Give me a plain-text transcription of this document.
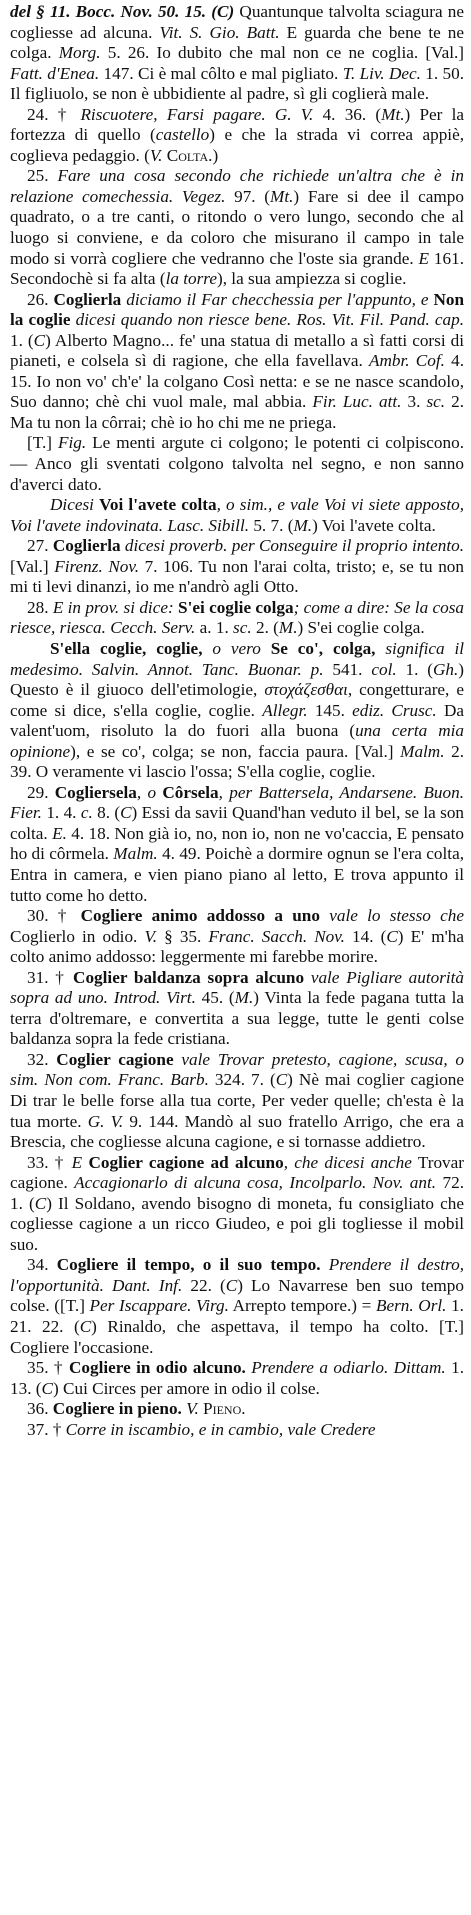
del § 11. Bocc. Nov. 50. 15. (C) Quantunque talvolta sciagura ne cogliesse ad alcuna. Vit. S. Gio. Batt. E guarda che bene te ne colga. Morg. 5. 26. Io dubito che mal non ce ne coglia. [Val.] Fatt. d'Enea. 147. Ci è mal côlto e mal pigliato. T. Liv. Dec. 1. 50. Il figliuolo, se non è ubbidiente al padre, sì gli coglierà male.

24. † Riscuotere, Farsi pagare. G. V. 4. 36. (Mt.) Per la fortezza di quello (castello) e che la strada vi correa appiè, coglieva pedaggio. (V. Colta.)

25. Fare una cosa secondo che richiede un'altra che è in relazione comechessia. Vegez. 97. (Mt.) Fare si dee il campo quadrato, o a tre canti, o ritondo o vero lungo, secondo che al luogo si conviene, e da coloro che misurano il campo in tale modo si vorrà cogliere che vedranno che l'oste sia grande. E 161. Secondochè si fa alta (la torre), la sua ampiezza si coglie.

26. Coglierla diciamo il Far checchessia per l'appunto, e Non la coglie dicesi quando non riesce bene. Ros. Vit. Fil. Pand. cap. 1. (C) Alberto Magno... fe' una statua di metallo a sì fatti corsi di pianeti, e colsela sì di ragione, che ella favellava. Ambr. Cof. 4. 15. Io non vo' ch'e' la colgano Così netta: e se ne nasce scandolo, Suo danno; chè chi vuol male, mal abbia. Fir. Luc. att. 3. sc. 2. Ma tu non la côrrai; chè io ho chi me ne priega.

[T.] Fig. Le menti argute ci colgono; le potenti ci colpiscono. — Anco gli sventati colgono talvolta nel segno, e non sanno d'averci dato.

Dicesi Voi l'avete colta, o sim., e vale Voi vi siete apposto, Voi l'avete indovinata. Lasc. Sibill. 5. 7. (M.) Voi l'avete colta.

27. Coglierla dicesi proverb. per Conseguire il proprio intento. [Val.] Firenz. Nov. 7. 106. Tu non l'arai colta, tristo; e, se tu non mi ti levi dinanzi, io me n'andrò agli Otto.

28. E in prov. si dice: S'ei coglie colga; come a dire: Se la cosa riesce, riesca. Cecch. Serv. a. 1. sc. 2. (M.) S'ei coglie colga.

S'ella coglie, coglie, o vero Se co', colga, significa il medesimo. Salvin. Annot. Tanc. Buonar. p. 541. col. 1. (Gh.) Questo è il giuoco dell'etimologie, στοχάζεσθαι, congetturare, e come si dice, s'ella coglie, coglie. Allegr. 145. ediz. Crusc. Da valent'uom, risoluto la do fuori alla buona (una certa mia opinione), e se co', colga; se non, faccia paura. [Val.] Malm. 2. 39. O veramente vi lascio l'ossa; S'ella coglie, coglie.

29. Cogliersela, o Côrsela, per Battersela, Andarsene. Buon. Fier. 1. 4. c. 8. (C) Essi da savii Quand'han veduto il bel, se la son colta. E. 4. 18. Non già io, no, non io, non ne vo'caccia, E pensato ho di côrmela. Malm. 4. 49. Poichè a dormire ognun se l'era colta, Entra in camera, e vien piano piano al letto, E trova appunto il tutto come ho detto.

30. † Cogliere animo addosso a uno vale lo stesso che Coglierlo in odio. V. § 35. Franc. Sacch. Nov. 14. (C) E' m'ha colto animo addosso: leggermente mi farebbe morire.

31. † Coglier baldanza sopra alcuno vale Pigliare autorità sopra ad uno. Introd. Virt. 45. (M.) Vinta la fede pagana tutta la terra d'oltremare, e convertita a sua legge, tutte le genti colse baldanza sopra la fede cristiana.

32. Coglier cagione vale Trovar pretesto, cagione, scusa, o sim. Non com. Franc. Barb. 324. 7. (C) Nè mai coglier cagione Di trar le belle forse alla tua corte, Per veder quelle; ch'esta è la tua morte. G. V. 9. 144. Mandò al suo fratello Arrigo, che era a Brescia, che cogliesse alcuna cagione, e si tornasse addietro.

33. † E Coglier cagione ad alcuno, che dicesi anche Trovar cagione. Accagionarlo di alcuna cosa, Incolparlo. Nov. ant. 72. 1. (C) Il Soldano, avendo bisogno di moneta, fu consigliato che cogliesse cagione a un ricco Giudeo, e poi gli togliesse il mobil suo.

34. Cogliere il tempo, o il suo tempo. Prendere il destro, l'opportunità. Dant. Inf. 22. (C) Lo Navarrese ben suo tempo colse. ([T.] Per Iscappare. Virg. Arrepto tempore.) = Bern. Orl. 1. 21. 22. (C) Rinaldo, che aspettava, il tempo ha colto. [T.] Cogliere l'occasione.

35. † Cogliere in odio alcuno. Prendere a odiarlo. Dittam. 1. 13. (C) Cui Circes per amore in odio il colse.

36. Cogliere in pieno. V. Pieno.

37. † Corre in iscambio, e in cambio, vale Credere
